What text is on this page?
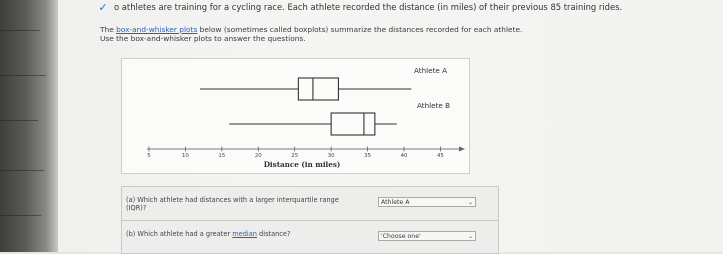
✓ o athletes are training for a cycling race. Each athlete recorded the distance (in miles) of their previous 85 training rides.
The box-and-whisker plots below (sometimes called boxplots) summarize the distances recorded for each athlete.
Use the box-and-whisker plots to answer the questions.
Athlete A
Athlete B
5	10	15	20	25	30	35	40	45
Distance (in miles)
(a) Which athlete had distances with a larger interquartile range (IQR)?
Athlete A	⌄
(b) Which athlete had a greater median distance?	'Choose one'	⌄
